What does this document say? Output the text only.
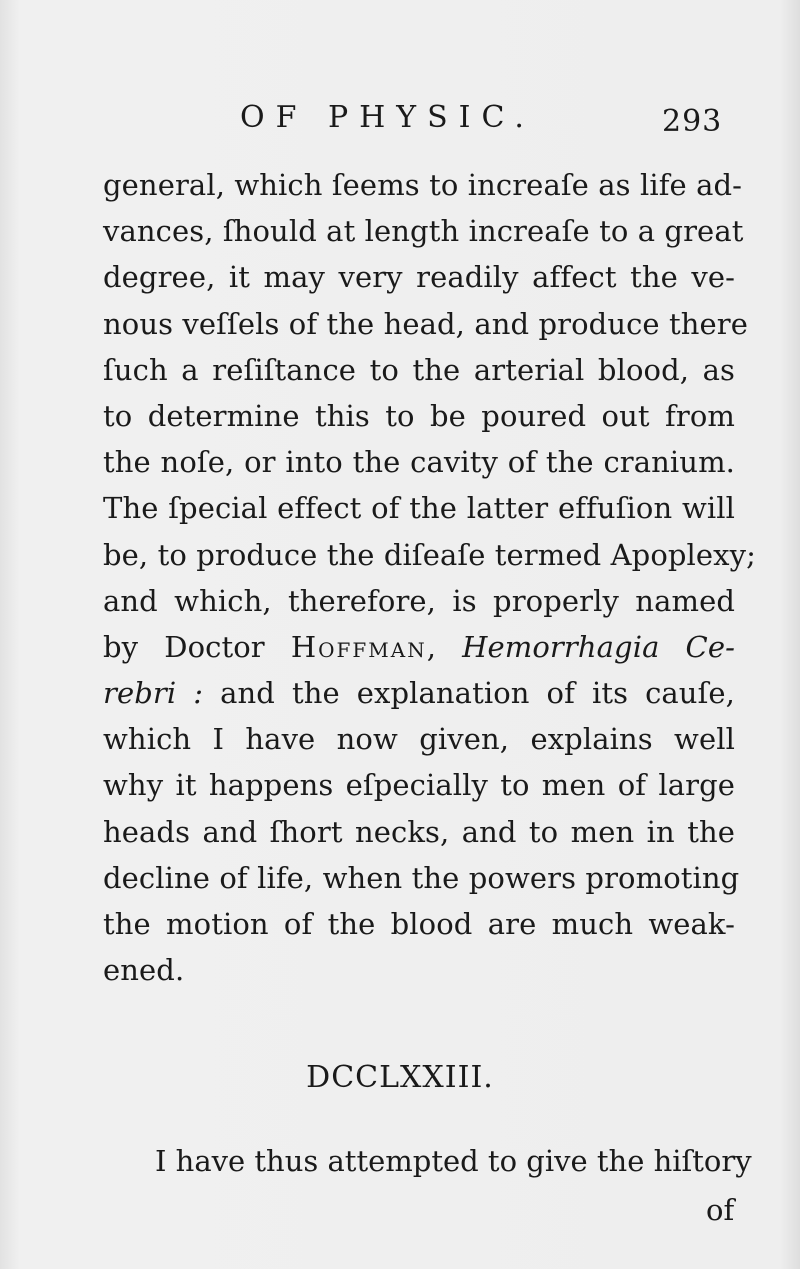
OF PHYSIC.	293
general, which ſeems to increaſe as life ad-
vances, ſhould at length increaſe to a great
degree, it may very readily affect the ve-
nous veſſels of the head, and produce there
ſuch a reſiſtance to the arterial blood, as
to determine this to be poured out from
the noſe, or into the cavity of the cranium.
The ſpecial effect of the latter effuſion will
be, to produce the diſeaſe termed Apoplexy;
and which, therefore, is properly named
by Doctor Hoffman, Hemorrhagia Ce-
rebri : and the explanation of its cauſe,
which I have now given, explains well
why it happens eſpecially to men of large
heads and ſhort necks, and to men in the
decline of life, when the powers promoting
the motion of the blood are much weak-
ened.
DCCLXXIII.
I have thus attempted to give the hiſtory
of
